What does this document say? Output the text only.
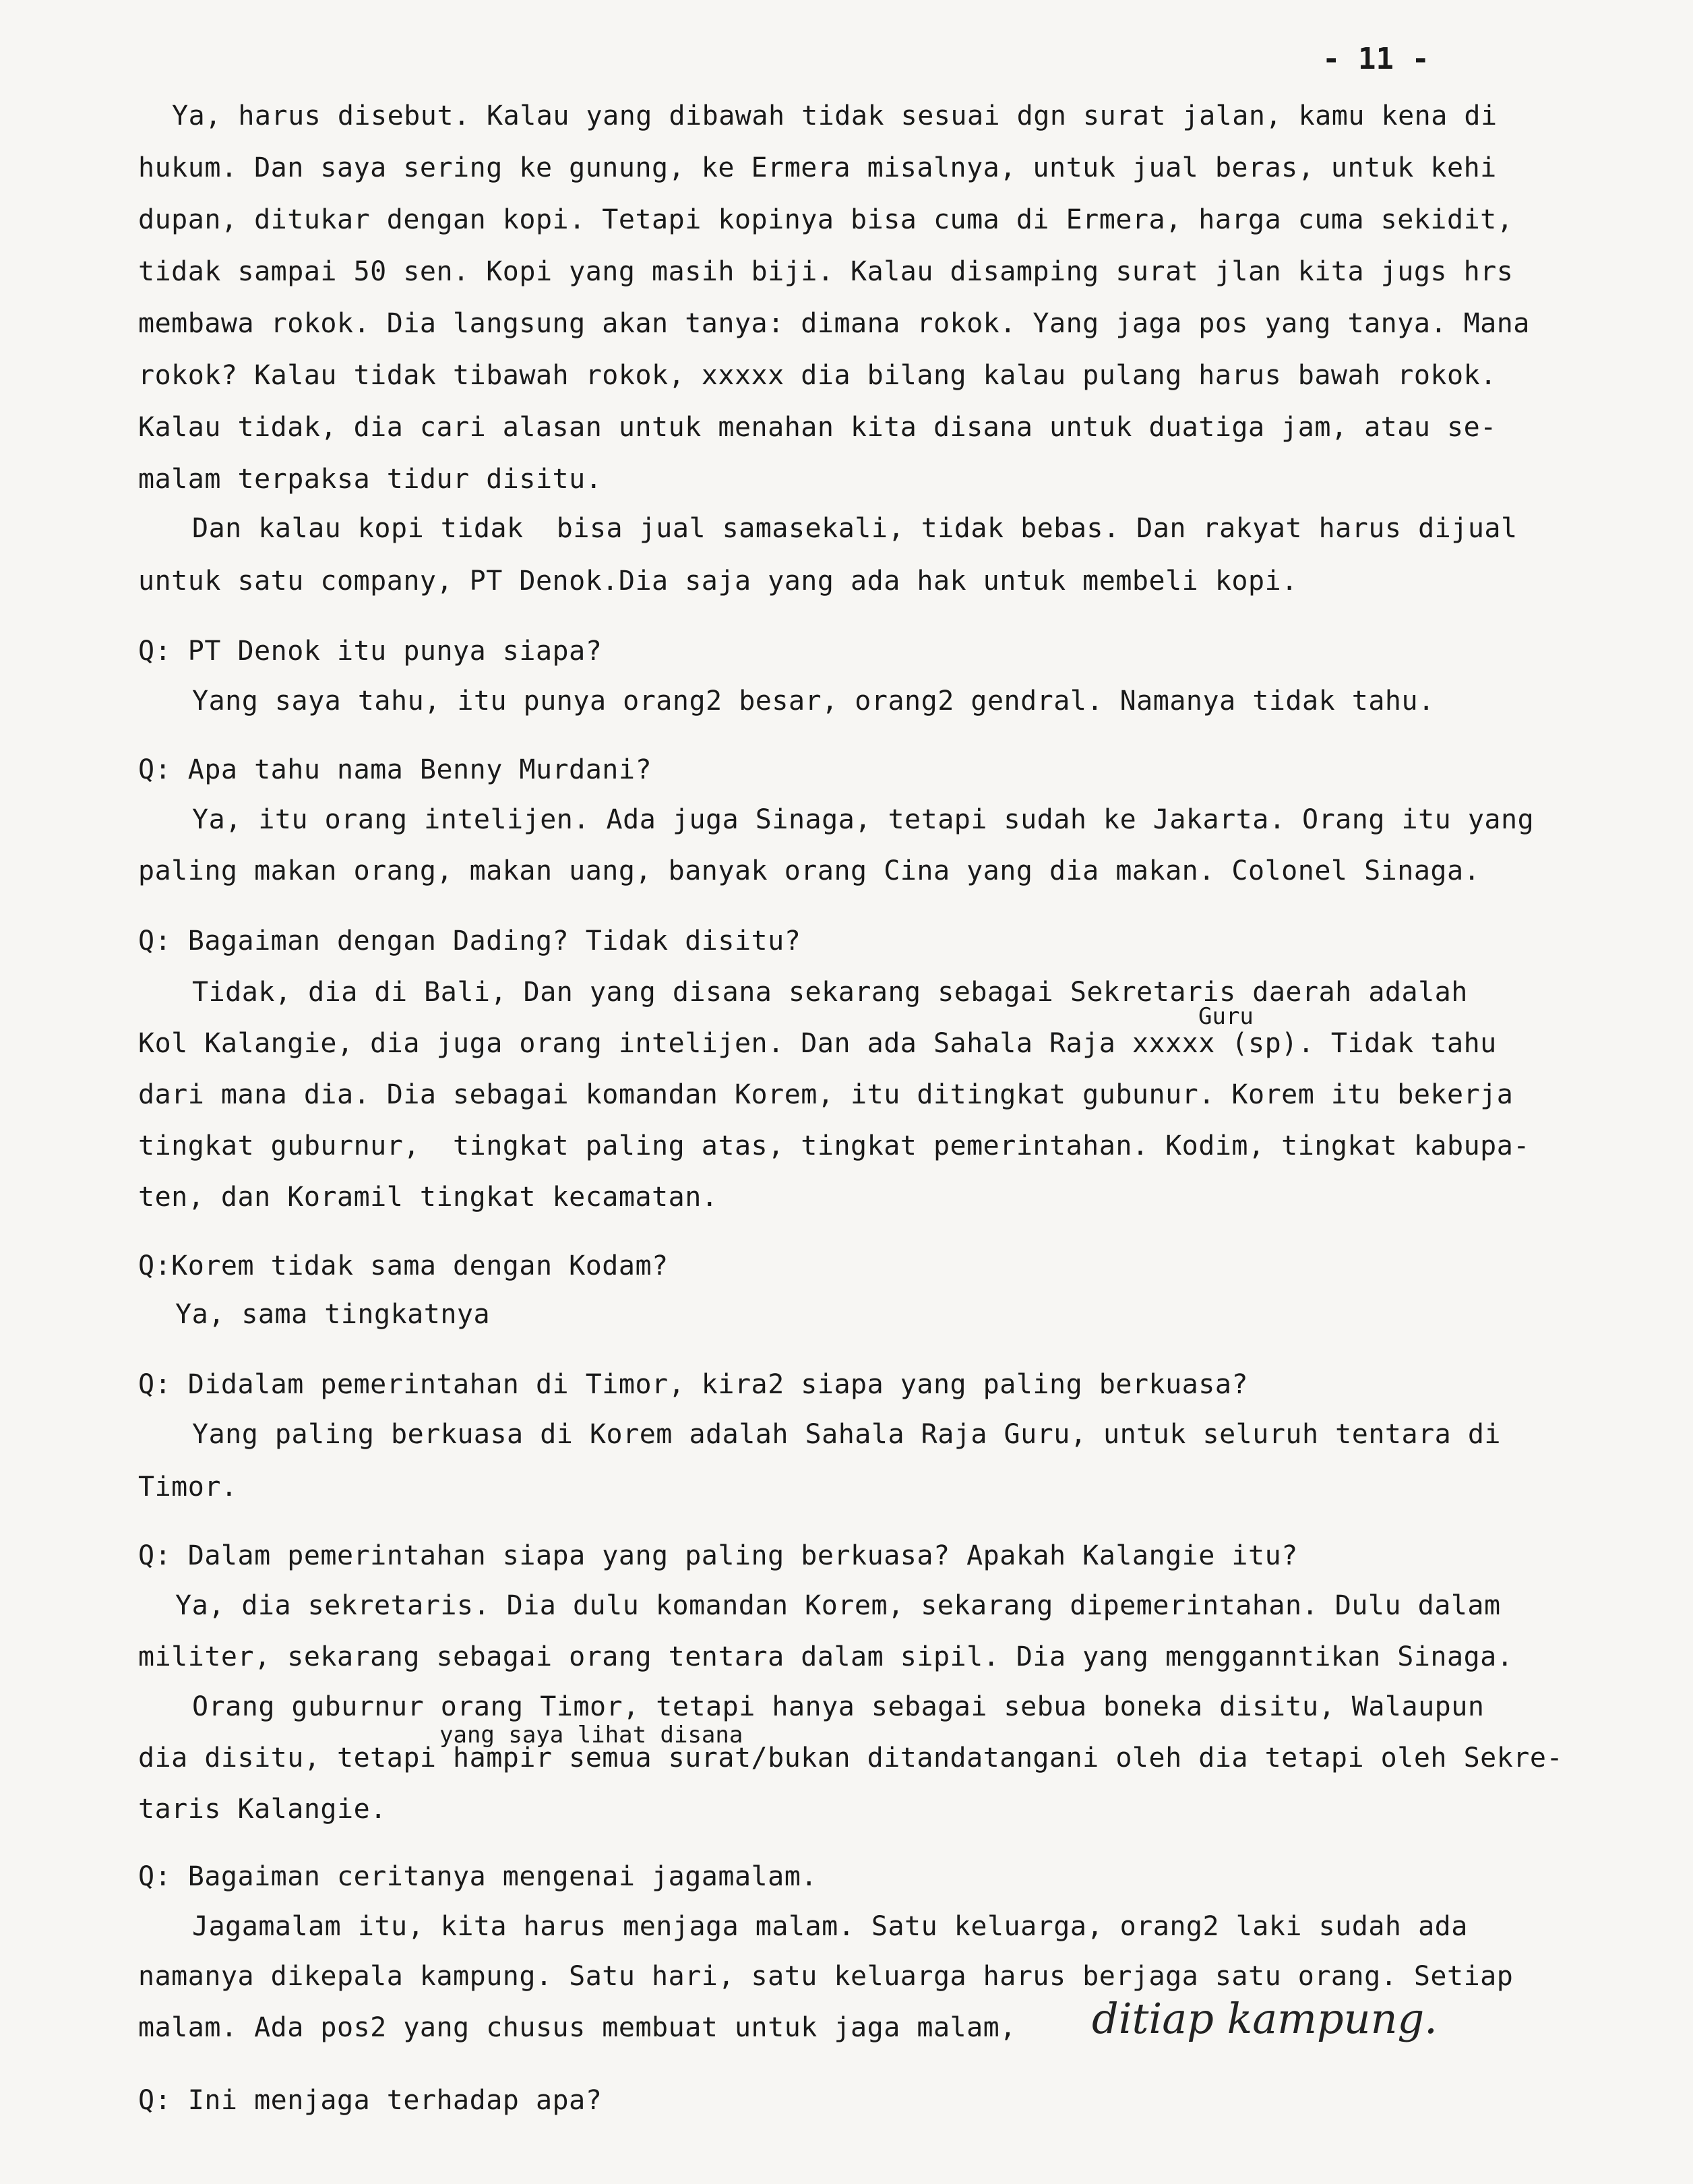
- 11 -
Ya, harus disebut. Kalau yang dibawah tidak sesuai dgn surat jalan, kamu kena di
hukum. Dan saya sering ke gunung, ke Ermera misalnya, untuk jual beras, untuk kehi
dupan, ditukar dengan kopi. Tetapi kopinya bisa cuma di Ermera, harga cuma sekidit,
tidak sampai 50 sen. Kopi yang masih biji. Kalau disamping surat jlan kita jugs hrs
membawa rokok. Dia langsung akan tanya: dimana rokok. Yang jaga pos yang tanya. Mana
rokok? Kalau tidak tibawah rokok, xxxxx dia bilang kalau pulang harus bawah rokok.
Kalau tidak, dia cari alasan untuk menahan kita disana untuk duatiga jam, atau se-
malam terpaksa tidur disitu.
Dan kalau kopi tidak  bisa jual samasekali, tidak bebas. Dan rakyat harus dijual
untuk satu company, PT Denok.Dia saja yang ada hak untuk membeli kopi.
Q: PT Denok itu punya siapa?
Yang saya tahu, itu punya orang2 besar, orang2 gendral. Namanya tidak tahu.
Q: Apa tahu nama Benny Murdani?
Ya, itu orang intelijen. Ada juga Sinaga, tetapi sudah ke Jakarta. Orang itu yang
paling makan orang, makan uang, banyak orang Cina yang dia makan. Colonel Sinaga.
Q: Bagaiman dengan Dading? Tidak disitu?
Tidak, dia di Bali, Dan yang disana sekarang sebagai Sekretaris daerah adalah
Guru
Kol Kalangie, dia juga orang intelijen. Dan ada Sahala Raja xxxxx (sp). Tidak tahu
dari mana dia. Dia sebagai komandan Korem, itu ditingkat gubunur. Korem itu bekerja
tingkat guburnur,  tingkat paling atas, tingkat pemerintahan. Kodim, tingkat kabupa-
ten, dan Koramil tingkat kecamatan.
Q:Korem tidak sama dengan Kodam?
Ya, sama tingkatnya
Q: Didalam pemerintahan di Timor, kira2 siapa yang paling berkuasa?
Yang paling berkuasa di Korem adalah Sahala Raja Guru, untuk seluruh tentara di
Timor.
Q: Dalam pemerintahan siapa yang paling berkuasa? Apakah Kalangie itu?
Ya, dia sekretaris. Dia dulu komandan Korem, sekarang dipemerintahan. Dulu dalam
militer, sekarang sebagai orang tentara dalam sipil. Dia yang mengganntikan Sinaga.
Orang guburnur orang Timor, tetapi hanya sebagai sebua boneka disitu, Walaupun
yang saya lihat disana
dia disitu, tetapi hampir semua surat/bukan ditandatangani oleh dia tetapi oleh Sekre-
taris Kalangie.
Q: Bagaiman ceritanya mengenai jagamalam.
Jagamalam itu, kita harus menjaga malam. Satu keluarga, orang2 laki sudah ada
namanya dikepala kampung. Satu hari, satu keluarga harus berjaga satu orang. Setiap
malam. Ada pos2 yang chusus membuat untuk jaga malam, ditiap kampung.
Q: Ini menjaga terhadap apa?
